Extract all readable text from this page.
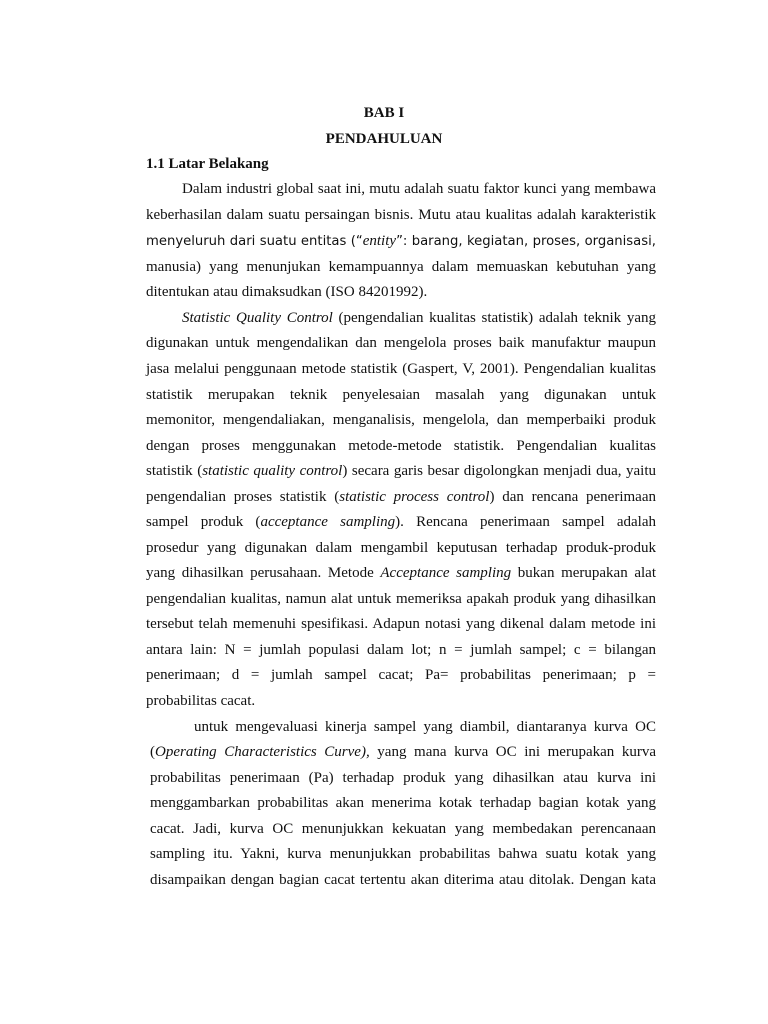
BAB I
PENDAHULUAN
1.1 Latar Belakang
Dalam industri global saat ini, mutu adalah suatu faktor kunci yang membawa
keberhasilan dalam suatu persaingan bisnis. Mutu atau kualitas adalah karakteristik
menyeluruh dari suatu entitas (“entity”: barang, kegiatan, proses, organisasi,
manusia) yang menunjukan kemampuannya dalam memuaskan kebutuhan yang
ditentukan atau dimaksudkan (ISO 84201992).
Statistic Quality Control (pengendalian kualitas statistik) adalah teknik yang
digunakan untuk mengendalikan dan mengelola proses baik manufaktur maupun
jasa melalui penggunaan metode statistik (Gaspert, V, 2001). Pengendalian kualitas
statistik merupakan teknik penyelesaian masalah yang digunakan untuk
memonitor, mengendaliakan, menganalisis, mengelola, dan memperbaiki produk
dengan proses menggunakan metode-metode statistik. Pengendalian kualitas
statistik (statistic quality control) secara garis besar digolongkan menjadi dua, yaitu
pengendalian proses statistik (statistic process control) dan rencana penerimaan
sampel produk (acceptance sampling). Rencana penerimaan sampel adalah
prosedur yang digunakan dalam mengambil keputusan terhadap produk-produk
yang dihasilkan perusahaan. Metode Acceptance sampling bukan merupakan alat
pengendalian kualitas, namun alat untuk memeriksa apakah produk yang dihasilkan
tersebut telah memenuhi spesifikasi. Adapun notasi yang dikenal dalam metode ini
antara lain: N = jumlah populasi dalam lot; n = jumlah sampel; c = bilangan
penerimaan; d = jumlah sampel cacat; Pa= probabilitas penerimaan; p =
probabilitas cacat.
untuk mengevaluasi kinerja sampel yang diambil, diantaranya kurva OC
(Operating Characteristics Curve), yang mana kurva OC ini merupakan kurva
probabilitas penerimaan (Pa) terhadap produk yang dihasilkan atau kurva ini
menggambarkan probabilitas akan menerima kotak terhadap bagian kotak yang
cacat. Jadi, kurva OC menunjukkan kekuatan yang membedakan perencanaan
sampling itu. Yakni, kurva menunjukkan probabilitas bahwa suatu kotak yang
disampaikan dengan bagian cacat tertentu akan diterima atau ditolak. Dengan kata
